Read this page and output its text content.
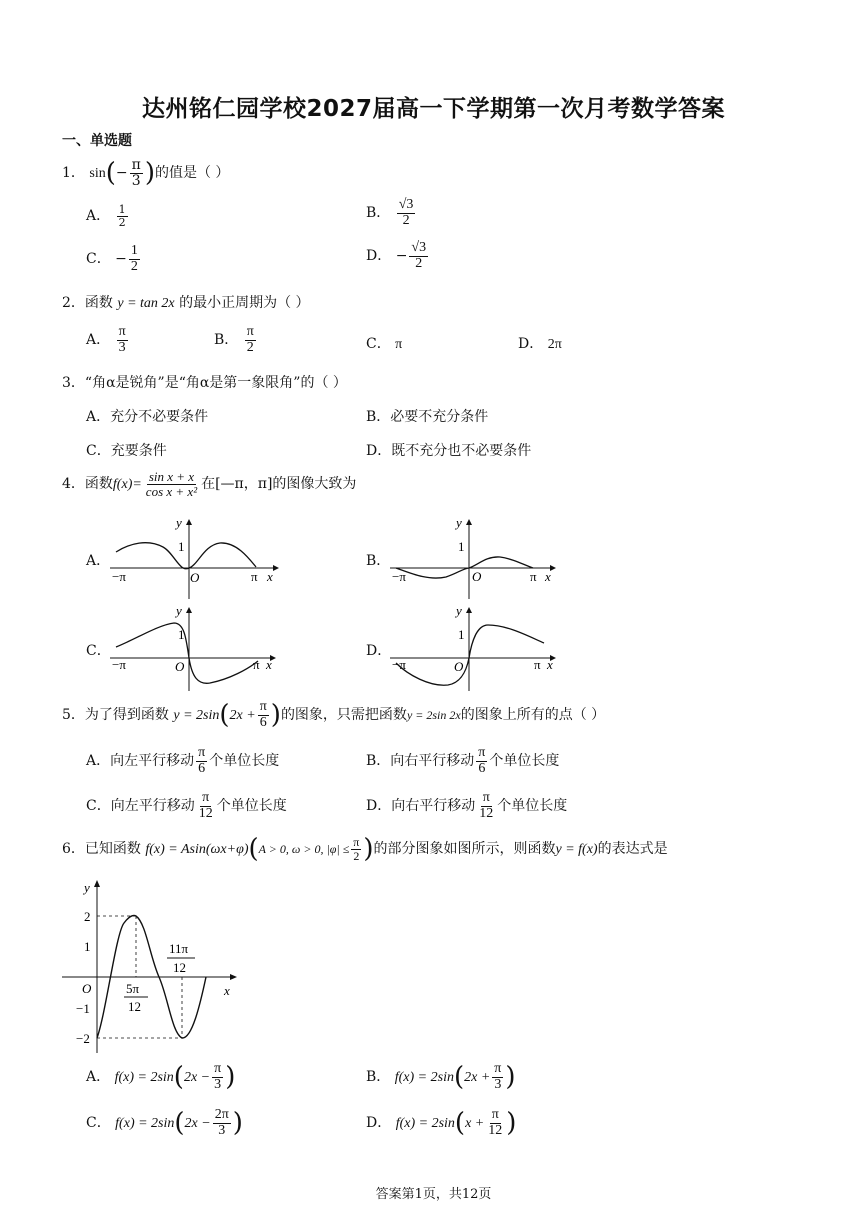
达州铭仁园学校2027届高一下学期第一次月考数学答案
一、单选题
1． $\sin(- \frac{\pi}{3}$ )的值是（ ）
A． $\frac{1}{2}$	B． $\frac{√3}{2}$
C． − $\frac{1}{2}$	D． − $\frac{√3}{2}$
2．函数 y = tan 2x 的最小正周期为（ ）
A． $\frac{\pi}{3}$	B． $\frac{\pi}{2}$	C． π	D． 2π
3．“角α是锐角”是“角α是第一象限角”的（ ）
A．充分不必要条件	B．必要不充分条件
C．充要条件	D．既不充分也不必要条件
4．函数$f(x)= \frac{\text{sin x + x}}{\text{cos x + x²}}$ 在[—π，π]的图像大致为
A．	B．
C．	D．
y
1
O
−π	π x
y
1
O
−π	π x
y
1
O
−π	π x
y
1
O
−π	π x
5．为了得到函数 $y = 2\sin(2x + \frac{\pi}{6}$ )的图象，只需把函数y = 2sin 2x的图象上所有的点（ ）
A．向左平行移动 $\frac{\pi}{6}$ 个单位长度	B．向右平行移动 $\frac{\pi}{6}$ 个单位长度
C．向左平行移动 $\frac{\pi}{12}$ 个单位长度	D．向右平行移动 $\frac{\pi}{12}$ 个单位长度
6．已知函数 f(x) = Asin(ωx+φ)(A > 0, ω > 0, $|\varphi| \le \frac{\pi}{2}$ )的部分图象如图所示，则函数y = f(x)的表达式是
y
2
1
−1
−2
O	x
5π
12
11π
12
A． $f(x) = 2\sin(2x - \frac{\pi}{3}$ )	B． $f(x) = 2\sin(2x + \frac{\pi}{3}$ )
C． $f(x) = 2\sin(2x - \frac{2\pi}{3}$ )	D． $f(x) = 2\sin(x + \frac{\pi}{12}$ )
答案第1页，共12页
